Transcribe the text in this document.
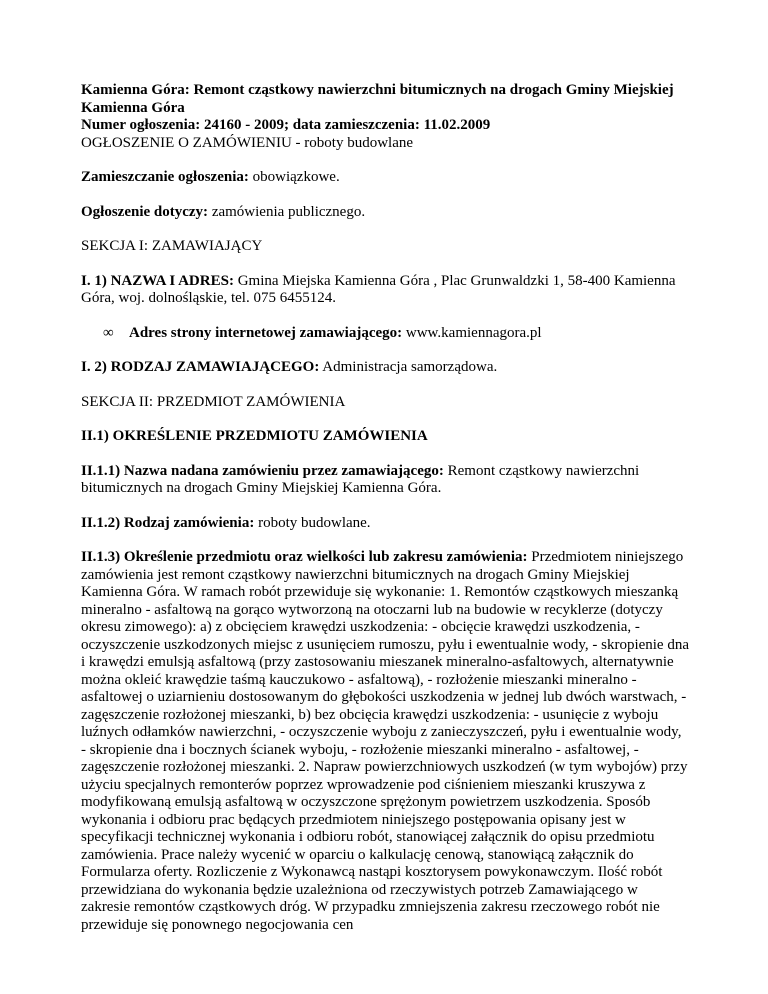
Kamienna Góra: Remont cząstkowy nawierzchni bitumicznych na drogach Gminy Miejskiej Kamienna Góra

Numer ogłoszenia: 24160 - 2009; data zamieszczenia: 11.02.2009

OGŁOSZENIE O ZAMÓWIENIU - roboty budowlane

Zamieszczanie ogłoszenia: obowiązkowe.

Ogłoszenie dotyczy: zamówienia publicznego.

SEKCJA I: ZAMAWIAJĄCY

I. 1) NAZWA I ADRES: Gmina Miejska Kamienna Góra , Plac Grunwaldzki 1, 58-400 Kamienna Góra, woj. dolnośląskie, tel. 075 6455124.

∞ Adres strony internetowej zamawiającego: www.kamiennagora.pl

I. 2) RODZAJ ZAMAWIAJĄCEGO: Administracja samorządowa.

SEKCJA II: PRZEDMIOT ZAMÓWIENIA

II.1) OKREŚLENIE PRZEDMIOTU ZAMÓWIENIA

II.1.1) Nazwa nadana zamówieniu przez zamawiającego: Remont cząstkowy nawierzchni bitumicznych na drogach Gminy Miejskiej Kamienna Góra.

II.1.2) Rodzaj zamówienia: roboty budowlane.

II.1.3) Określenie przedmiotu oraz wielkości lub zakresu zamówienia: Przedmiotem niniejszego zamówienia jest remont cząstkowy nawierzchni bitumicznych na drogach Gminy Miejskiej Kamienna Góra. W ramach robót przewiduje się wykonanie: 1. Remontów cząstkowych mieszanką mineralno - asfaltową na gorąco wytworzoną na otoczarni lub na budowie w recyklerze (dotyczy okresu zimowego): a) z obcięciem krawędzi uszkodzenia: - obcięcie krawędzi uszkodzenia, - oczyszczenie uszkodzonych miejsc z usunięciem rumoszu, pyłu i ewentualnie wody, - skropienie dna i krawędzi emulsją asfaltową (przy zastosowaniu mieszanek mineralno-asfaltowych, alternatywnie można okleić krawędzie taśmą kauczukowo - asfaltową), - rozłożenie mieszanki mineralno - asfaltowej o uziarnieniu dostosowanym do głębokości uszkodzenia w jednej lub dwóch warstwach, - zagęszczenie rozłożonej mieszanki, b) bez obcięcia krawędzi uszkodzenia: - usunięcie z wyboju luźnych odłamków nawierzchni, - oczyszczenie wyboju z zanieczyszczeń, pyłu i ewentualnie wody, - skropienie dna i bocznych ścianek wyboju, - rozłożenie mieszanki mineralno - asfaltowej, - zagęszczenie rozłożonej mieszanki. 2. Napraw powierzchniowych uszkodzeń (w tym wybojów) przy użyciu specjalnych remonterów poprzez wprowadzenie pod ciśnieniem mieszanki kruszywa z modyfikowaną emulsją asfaltową w oczyszczone sprężonym powietrzem uszkodzenia. Sposób wykonania i odbioru prac będących przedmiotem niniejszego postępowania opisany jest w specyfikacji technicznej wykonania i odbioru robót, stanowiącej załącznik do opisu przedmiotu zamówienia. Prace należy wycenić w oparciu o kalkulację cenową, stanowiącą załącznik do Formularza oferty. Rozliczenie z Wykonawcą nastąpi kosztorysem powykonawczym. Ilość robót przewidziana do wykonania będzie uzależniona od rzeczywistych potrzeb Zamawiającego w zakresie remontów cząstkowych dróg. W przypadku zmniejszenia zakresu rzeczowego robót nie przewiduje się ponownego negocjowania cen
